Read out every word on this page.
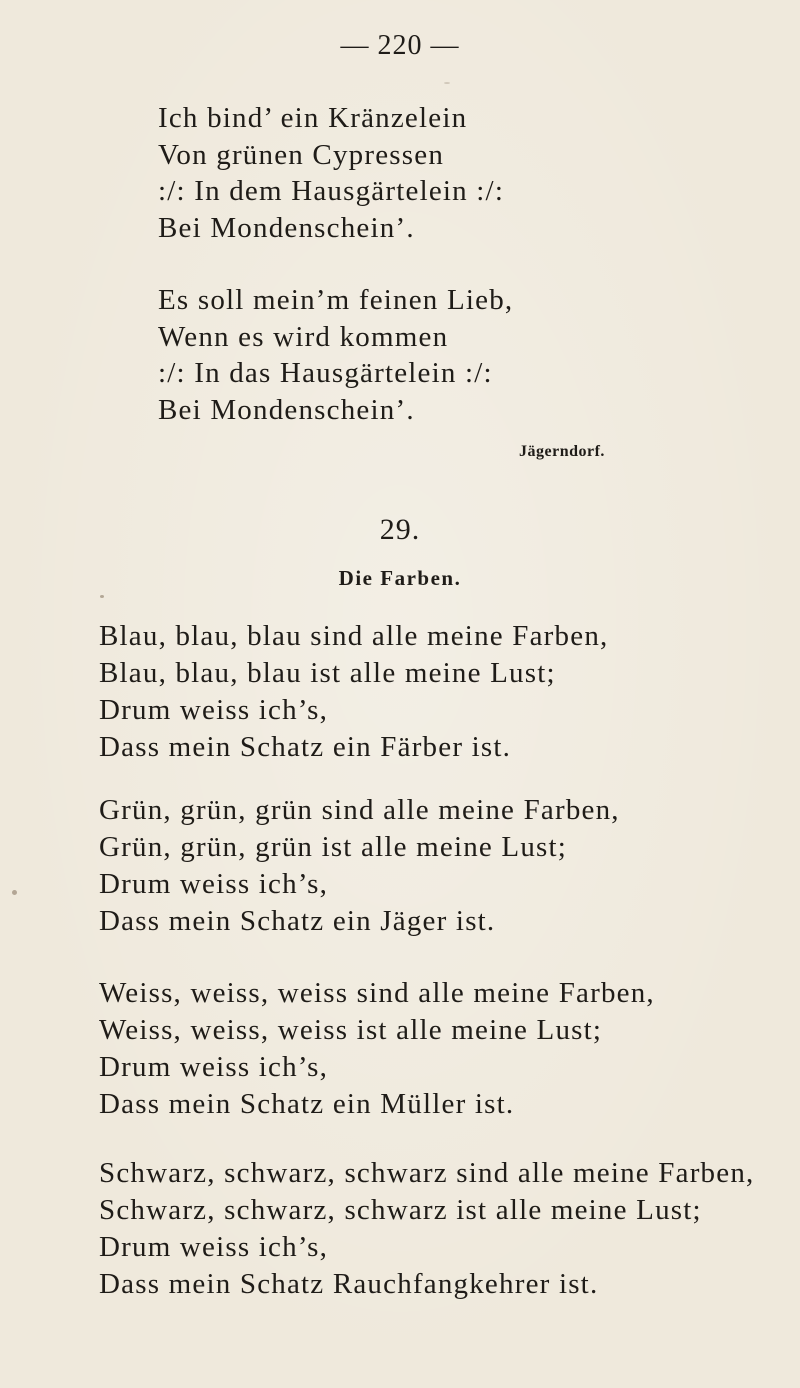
— 220 —
Ich bind’ ein Kränzelein
Von grünen Cypressen
:/: In dem Hausgärtelein :/:
Bei Mondenschein’.
Es soll mein’m feinen Lieb,
Wenn es wird kommen
:/: In das Hausgärtelein :/:
Bei Mondenschein’.
Jägerndorf.
29.
Die Farben.
Blau, blau, blau sind alle meine Farben,
Blau, blau, blau ist alle meine Lust;
Drum weiss ich’s,
Dass mein Schatz ein Färber ist.
Grün, grün, grün sind alle meine Farben,
Grün, grün, grün ist alle meine Lust;
Drum weiss ich’s,
Dass mein Schatz ein Jäger ist.
Weiss, weiss, weiss sind alle meine Farben,
Weiss, weiss, weiss ist alle meine Lust;
Drum weiss ich’s,
Dass mein Schatz ein Müller ist.
Schwarz, schwarz, schwarz sind alle meine Farben,
Schwarz, schwarz, schwarz ist alle meine Lust;
Drum weiss ich’s,
Dass mein Schatz Rauchfangkehrer ist.
